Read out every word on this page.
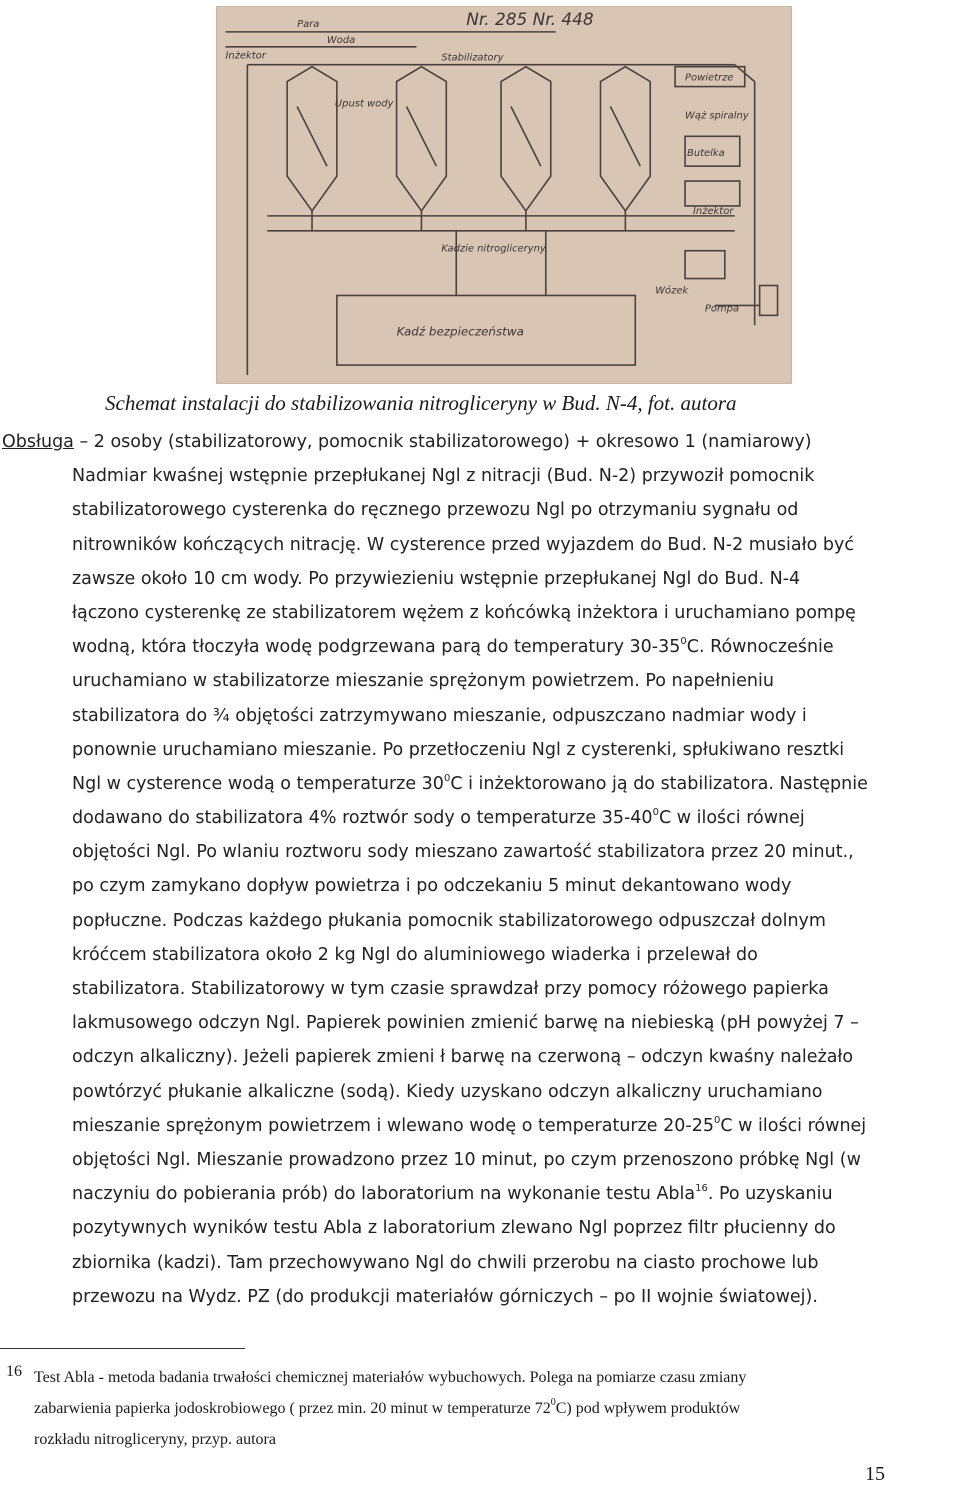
Nr. 285 Nr. 448
Para
Woda
Inżektor	Stabilizatory
Powietrze
Upust wody
Wąż spiralny
Butelka
Kadzie nitrogliceryny
Inżektor
Wózek
Pompa
Kadź bezpieczeństwa
Schemat instalacji do stabilizowania nitrogliceryny w Bud. N-4, fot. autora
Obsługa – 2 osoby (stabilizatorowy, pomocnik stabilizatorowego) + okresowo 1 (namiarowy)
Nadmiar kwaśnej wstępnie przepłukanej Ngl z nitracji (Bud. N-2) przywoził pomocnik
stabilizatorowego cysterenka do ręcznego przewozu Ngl po otrzymaniu sygnału od
nitrowników kończących nitrację. W cysterence przed wyjazdem do Bud. N-2 musiało być
zawsze około 10 cm wody. Po przywiezieniu wstępnie przepłukanej Ngl do Bud. N-4
łączono cysterenkę ze stabilizatorem wężem z końcówką inżektora i uruchamiano pompę
wodną, która tłoczyła wodę podgrzewana parą do temperatury $30-35^0C$. Równocześnie
uruchamiano w stabilizatorze mieszanie sprężonym powietrzem. Po napełnieniu
stabilizatora do ¾ objętości zatrzymywano mieszanie, odpuszczano nadmiar wody i
ponownie uruchamiano mieszanie. Po przetłoczeniu Ngl z cysterenki, spłukiwano resztki
Ngl w cysterence wodą o temperaturze $30^0C$ i inżektorowano ją do stabilizatora. Następnie
dodawano do stabilizatora 4% roztwór sody o temperaturze $35-40^0C$ w ilości równej
objętości Ngl. Po wlaniu roztworu sody mieszano zawartość stabilizatora przez 20 minut.,
po czym zamykano dopływ powietrza i po odczekaniu 5 minut dekantowano wody
popłuczne. Podczas każdego płukania pomocnik stabilizatorowego odpuszczał dolnym
króćcem stabilizatora około 2 kg Ngl do aluminiowego wiaderka i przelewał do
stabilizatora. Stabilizatorowy w tym czasie sprawdzał przy pomocy różowego papierka
lakmusowego odczyn Ngl. Papierek powinien zmienić barwę na niebieską (pH powyżej 7 –
odczyn alkaliczny). Jeżeli papierek zmieni ł barwę na czerwoną – odczyn kwaśny należało
powtórzyć płukanie alkaliczne (sodą). Kiedy uzyskano odczyn alkaliczny uruchamiano
mieszanie sprężonym powietrzem i wlewano wodę o temperaturze $20-25^0C$ w ilości równej
objętości Ngl. Mieszanie prowadzono przez 10 minut, po czym przenoszono próbkę Ngl (w
naczyniu do pobierania prób) do laboratorium na wykonanie testu Abla$^{16}$. Po uzyskaniu
pozytywnych wyników testu Abla z laboratorium zlewano Ngl poprzez filtr płucienny do
zbiornika (kadzi). Tam przechowywano Ngl do chwili przerobu na ciasto prochowe lub
przewozu na Wydz. PZ (do produkcji materiałów górniczych – po II wojnie światowej).
16 Test Abla - metoda badania trwałości chemicznej materiałów wybuchowych. Polega na pomiarze czasu zmiany
zabarwienia papierka jodoskrobiowego ( przez min. 20 minut w temperaturze $72^0C$) pod wpływem produktów
rozkładu nitrogliceryny, przyp. autora
15
